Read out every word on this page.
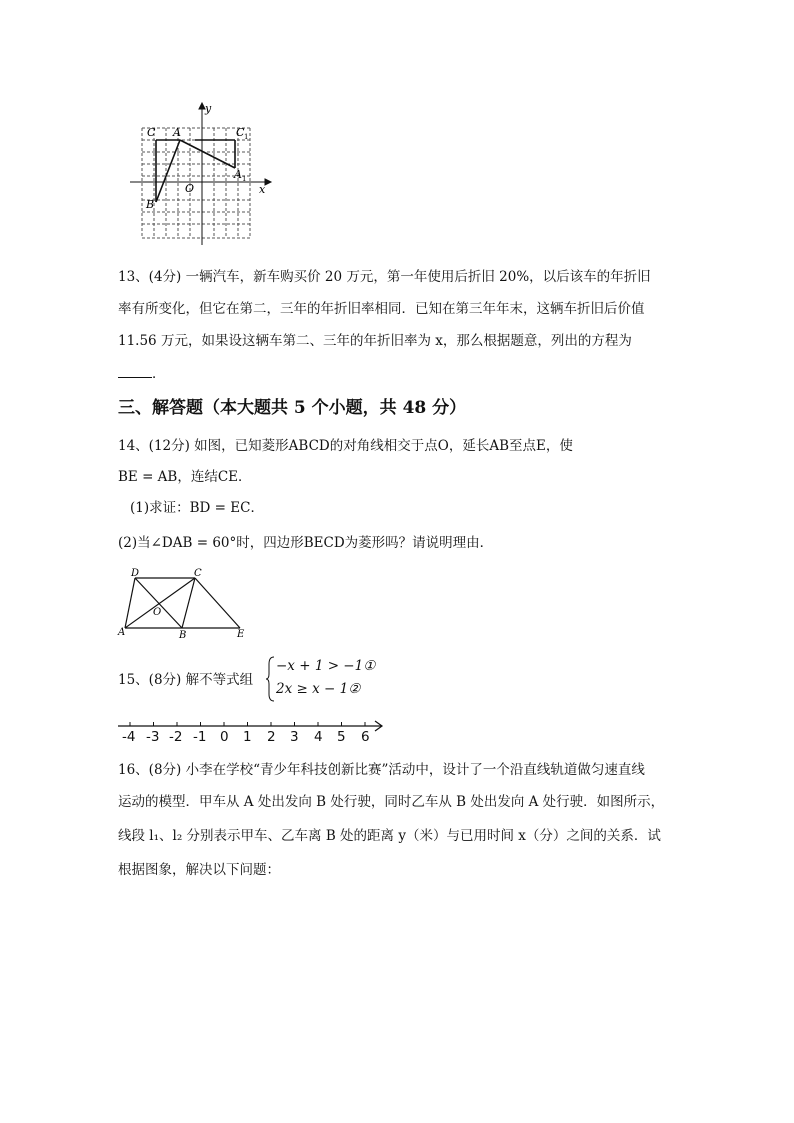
C A
y
C 1
A 1
O	x
B
13、(4分) 一辆汽车，新车购买价 20 万元，第一年使用后折旧 20%，以后该车的年折旧
率有所变化，但它在第二，三年的年折旧率相同．已知在第三年年末，这辆车折旧后价值
11.56 万元，如果设这辆车第二、三年的年折旧率为 x，那么根据题意，列出的方程为
．
三、解答题（本大题共 5 个小题，共 48 分）
14、(12分) 如图，已知菱形ABCD的对角线相交于点O，延长AB至点E，使
BE = AB，连结CE．
(1)求证：BD = EC．
(2)当∠DAB = 60°时，四边形BECD为菱形吗？请说明理由．
D	C
O
A	B	E
15、(8分) 解不等式组
−x + 1 > −1①
2x ≥ x − 1②
-4 -3 -2 -1 0 1 2 3 4 5 6
16、(8分) 小李在学校“青少年科技创新比赛”活动中，设计了一个沿直线轨道做匀速直线
运动的模型．甲车从 A 处出发向 B 处行驶，同时乙车从 B 处出发向 A 处行驶．如图所示，
线段 l₁、l₂ 分别表示甲车、乙车离 B 处的距离 y（米）与已用时间 x（分）之间的关系．试
根据图象，解决以下问题：
